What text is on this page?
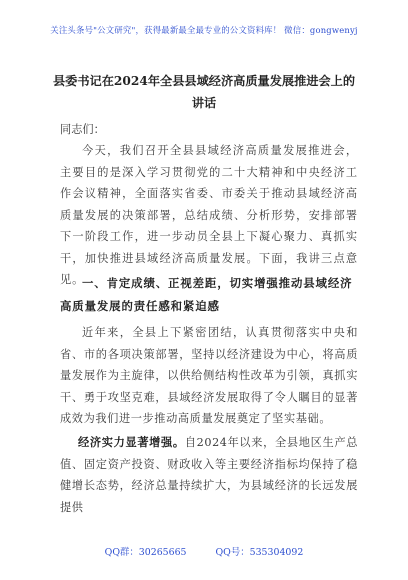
关注头条号"公文研究"，获得最新最全最专业的公文资料库！ 微信：gongwenyj
县委书记在2024年全县县域经济高质量发展推进会上的讲话

同志们：

今天，我们召开全县县域经济高质量发展推进会，主要目的是深入学习贯彻党的二十大精神和中央经济工作会议精神，全面落实省委、市委关于推动县域经济高质量发展的决策部署，总结成绩、分析形势，安排部署下一阶段工作，进一步动员全县上下凝心聚力、真抓实干，加快推进县域经济高质量发展。下面，我讲三点意见。

一、肯定成绩、正视差距，切实增强推动县域经济高质量发展的责任感和紧迫感

近年来，全县上下紧密团结，认真贯彻落实中央和省、市的各项决策部署，坚持以经济建设为中心，将高质量发展作为主旋律，以供给侧结构性改革为引领，真抓实干、勇于攻坚克难，县域经济发展取得了令人瞩目的显著成效为我们进一步推动高质量发展奠定了坚实基础。

经济实力显著增强。自2024年以来，全县地区生产总值、固定资产投资、财政收入等主要经济指标均保持了稳健增长态势，经济总量持续扩大，为县域经济的长远发展提供

QQ群：30265665	QQ号：535304092
